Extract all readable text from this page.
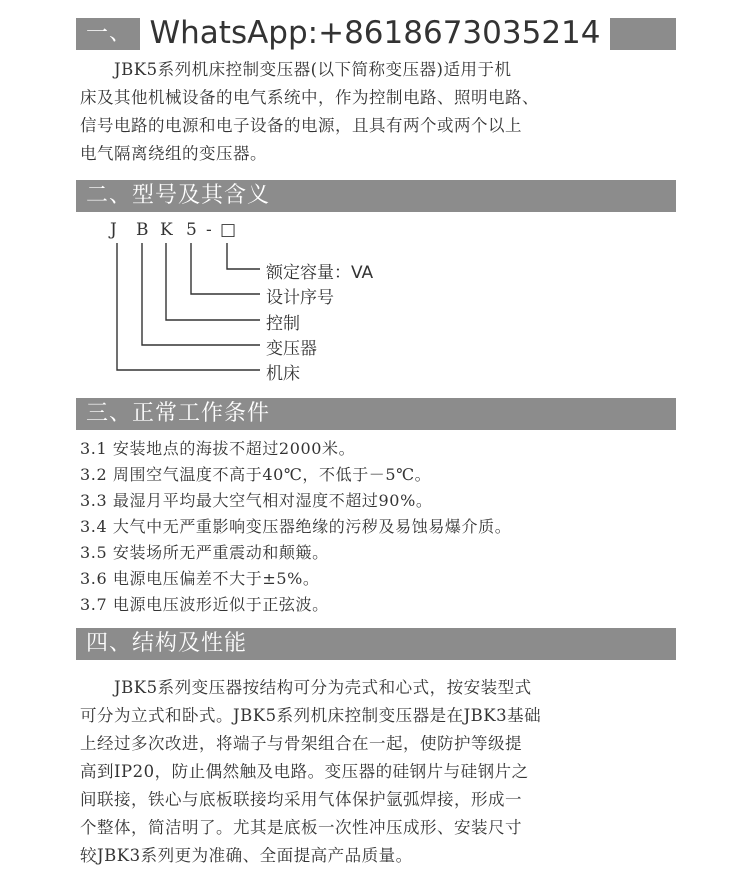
一、 WhatsApp:+8618673035214

JBK5系列机床控制变压器(以下简称变压器)适用于机
床及其他机械设备的电气系统中，作为控制电路、照明电路、
信号电路的电源和电子设备的电源，且具有两个或两个以上
电气隔离绕组的变压器。

二、型号及其含义
J B K 5 - □
额定容量：VA
设计序号
控制
变压器
机床
三、正常工作条件
3.1 安装地点的海拔不超过2000米。
3.2 周围空气温度不高于40℃，不低于－5℃。
3.3 最湿月平均最大空气相对湿度不超过90%。
3.4 大气中无严重影响变压器绝缘的污秽及易蚀易爆介质。
3.5 安装场所无严重震动和颠簸。
3.6 电源电压偏差不大于±5%。
3.7 电源电压波形近似于正弦波。
四、结构及性能

JBK5系列变压器按结构可分为壳式和心式，按安装型式
可分为立式和卧式。JBK5系列机床控制变压器是在JBK3基础
上经过多次改进，将端子与骨架组合在一起，使防护等级提
高到IP20，防止偶然触及电路。变压器的硅钢片与硅钢片之
间联接，铁心与底板联接均采用气体保护氩弧焊接，形成一
个整体，简洁明了。尤其是底板一次性冲压成形、安装尺寸
较JBK3系列更为准确、全面提高产品质量。
